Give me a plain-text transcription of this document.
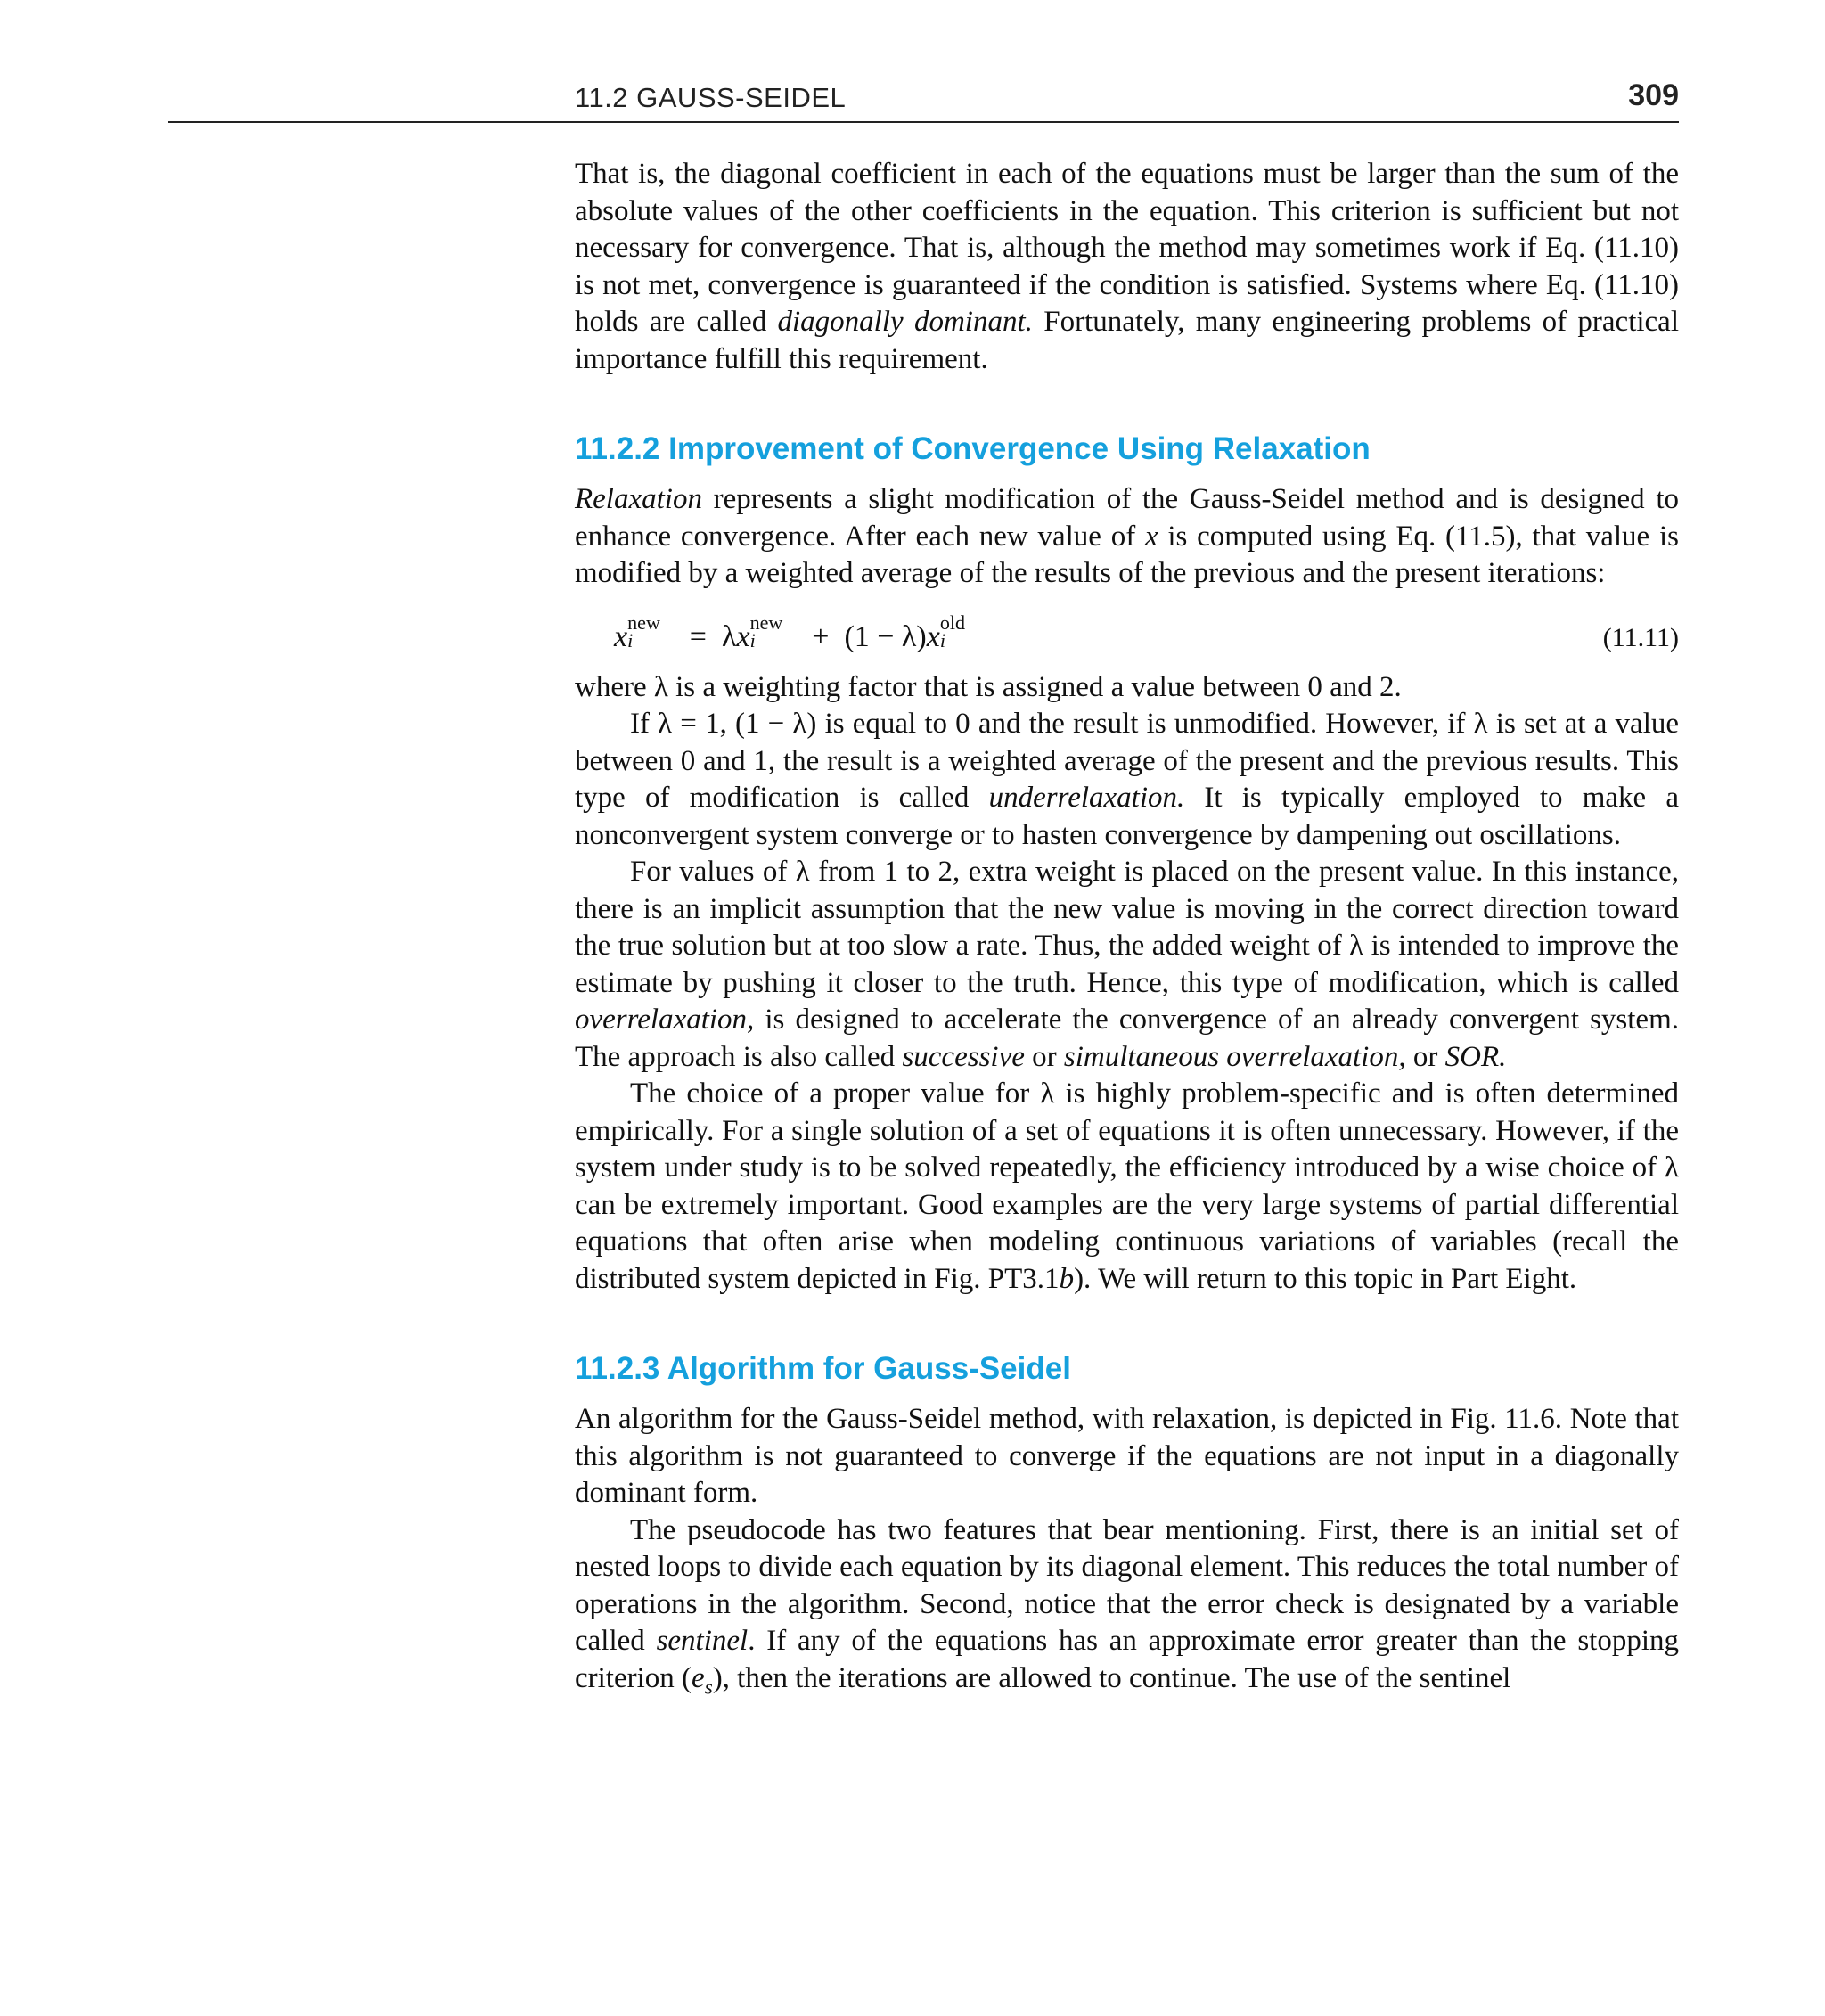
11.2 GAUSS-SEIDEL	309

That is, the diagonal coefficient in each of the equations must be larger than the sum of the absolute values of the other coefficients in the equation. This criterion is sufficient but not necessary for convergence. That is, although the method may sometimes work if Eq. (11.10) is not met, convergence is guaranteed if the condition is satisfied. Systems where Eq. (11.10) holds are called diagonally dominant. Fortunately, many engineering problems of practical importance fulfill this requirement.

11.2.2 Improvement of Convergence Using Relaxation

Relaxation represents a slight modification of the Gauss-Seidel method and is designed to enhance convergence. After each new value of x is computed using Eq. (11.5), that value is modified by a weighted average of the results of the previous and the present iterations:

x new
i = λx new
i + (1 − λ)x old
i	(11.11)

where λ is a weighting factor that is assigned a value between 0 and 2.

If λ = 1, (1 − λ) is equal to 0 and the result is unmodified. However, if λ is set at a value between 0 and 1, the result is a weighted average of the present and the previous results. This type of modification is called underrelaxation. It is typically employed to make a nonconvergent system converge or to hasten convergence by dampening out oscillations.

For values of λ from 1 to 2, extra weight is placed on the present value. In this instance, there is an implicit assumption that the new value is moving in the correct direction toward the true solution but at too slow a rate. Thus, the added weight of λ is intended to improve the estimate by pushing it closer to the truth. Hence, this type of modification, which is called overrelaxation, is designed to accelerate the convergence of an already convergent system. The approach is also called successive or simultaneous overrelaxation, or SOR.

The choice of a proper value for λ is highly problem-specific and is often determined empirically. For a single solution of a set of equations it is often unnecessary. However, if the system under study is to be solved repeatedly, the efficiency introduced by a wise choice of λ can be extremely important. Good examples are the very large systems of partial differential equations that often arise when modeling continuous variations of variables (recall the distributed system depicted in Fig. PT3.1b). We will return to this topic in Part Eight.

11.2.3 Algorithm for Gauss-Seidel

An algorithm for the Gauss-Seidel method, with relaxation, is depicted in Fig. 11.6. Note that this algorithm is not guaranteed to converge if the equations are not input in a diagonally dominant form.

The pseudocode has two features that bear mentioning. First, there is an initial set of nested loops to divide each equation by its diagonal element. This reduces the total number of operations in the algorithm. Second, notice that the error check is designated by a variable called sentinel. If any of the equations has an approximate error greater than the stopping criterion $(e_s)$, then the iterations are allowed to continue. The use of the sentinel
